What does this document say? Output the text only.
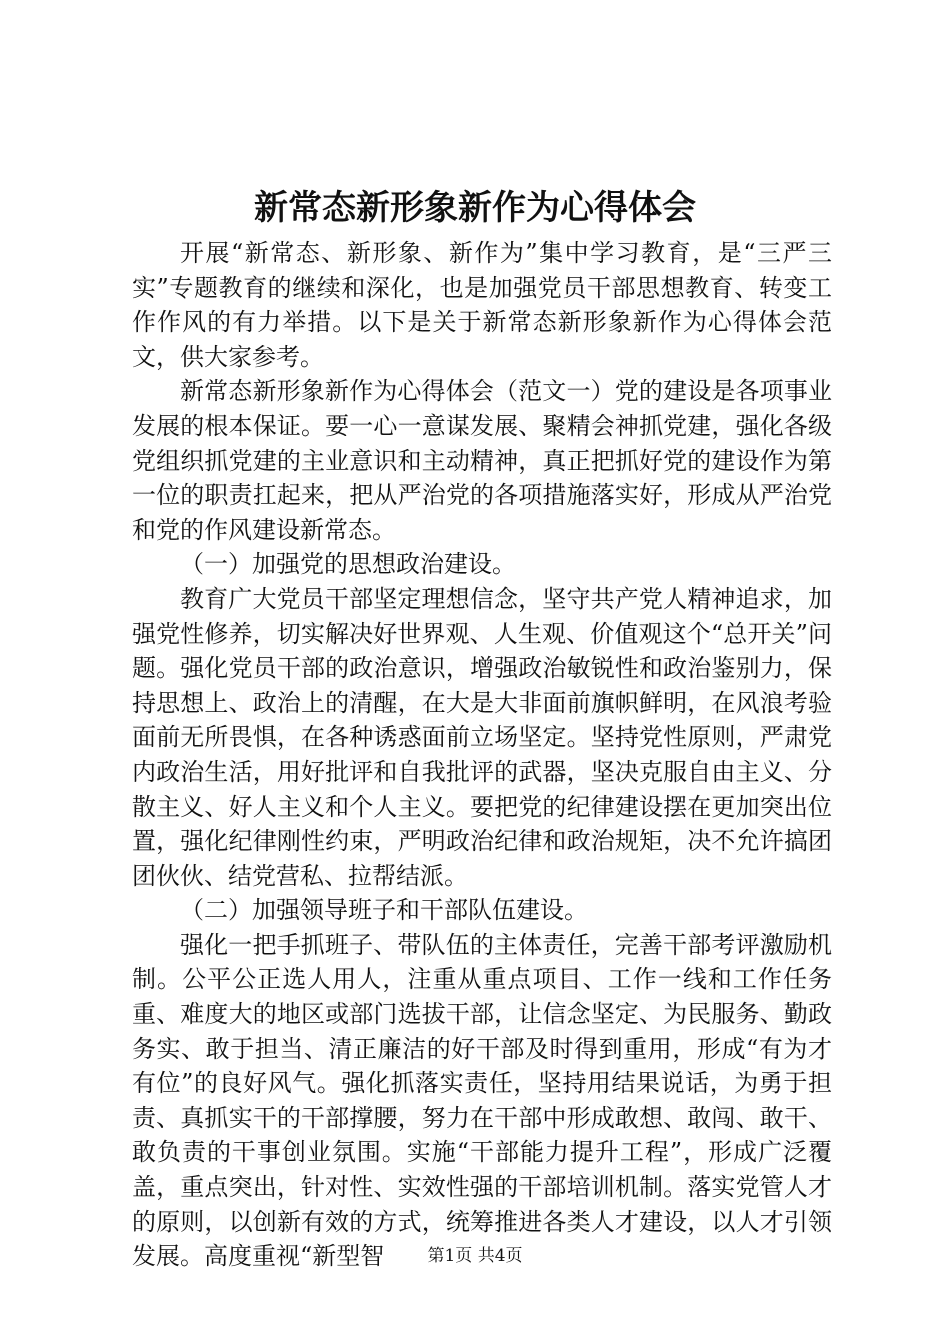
新常态新形象新作为心得体会

开展“新常态、新形象、新作为”集中学习教育，是“三严三实”专题教育的继续和深化，也是加强党员干部思想教育、转变工作作风的有力举措。以下是关于新常态新形象新作为心得体会范文，供大家参考。

新常态新形象新作为心得体会（范文一）党的建设是各项事业发展的根本保证。要一心一意谋发展、聚精会神抓党建，强化各级党组织抓党建的主业意识和主动精神，真正把抓好党的建设作为第一位的职责扛起来，把从严治党的各项措施落实好，形成从严治党和党的作风建设新常态。

（一）加强党的思想政治建设。

教育广大党员干部坚定理想信念，坚守共产党人精神追求，加强党性修养，切实解决好世界观、人生观、价值观这个“总开关”问题。强化党员干部的政治意识，增强政治敏锐性和政治鉴别力，保持思想上、政治上的清醒，在大是大非面前旗帜鲜明，在风浪考验面前无所畏惧，在各种诱惑面前立场坚定。坚持党性原则，严肃党内政治生活，用好批评和自我批评的武器，坚决克服自由主义、分散主义、好人主义和个人主义。要把党的纪律建设摆在更加突出位置，强化纪律刚性约束，严明政治纪律和政治规矩，决不允许搞团团伙伙、结党营私、拉帮结派。

（二）加强领导班子和干部队伍建设。

强化一把手抓班子、带队伍的主体责任，完善干部考评激励机制。公平公正选人用人，注重从重点项目、工作一线和工作任务重、难度大的地区或部门选拔干部，让信念坚定、为民服务、勤政务实、敢于担当、清正廉洁的好干部及时得到重用，形成“有为才有位”的良好风气。强化抓落实责任，坚持用结果说话，为勇于担责、真抓实干的干部撑腰，努力在干部中形成敢想、敢闯、敢干、敢负责的干事创业氛围。实施“干部能力提升工程”，形成广泛覆盖，重点突出，针对性、实效性强的干部培训机制。落实党管人才的原则，以创新有效的方式，统筹推进各类人才建设，以人才引领发展。高度重视“新型智	第1页 共4页
